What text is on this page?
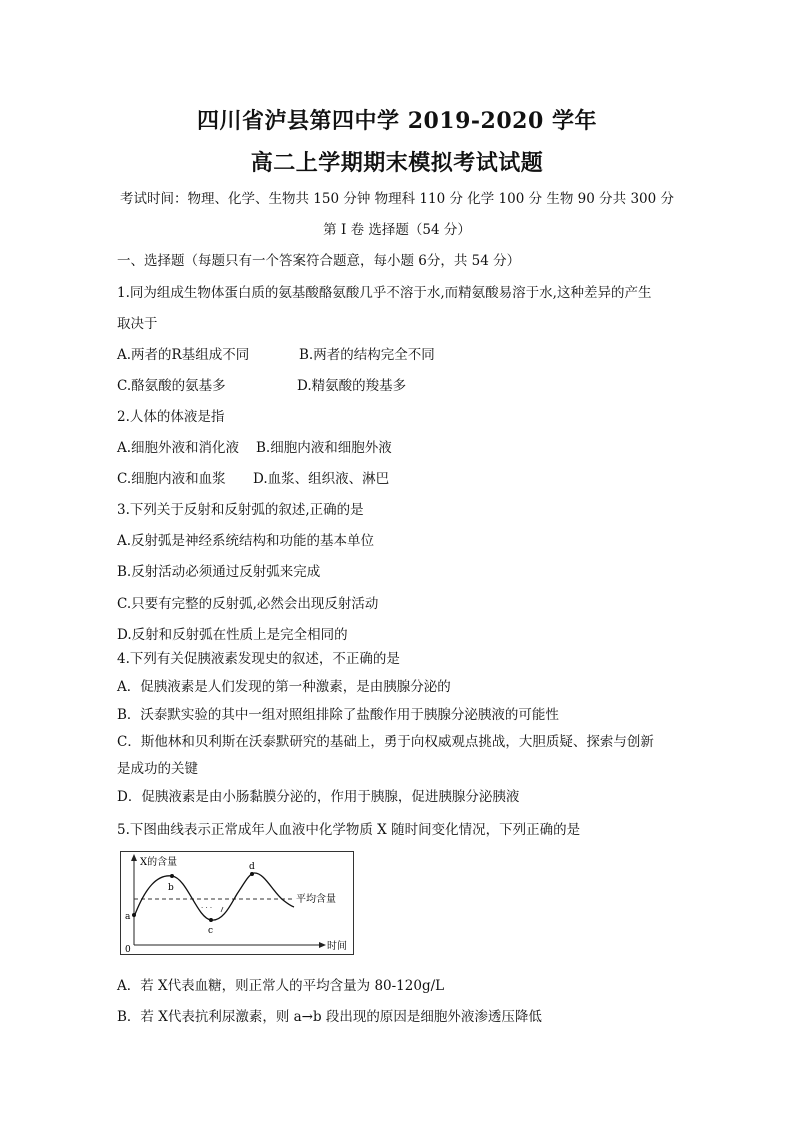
四川省泸县第四中学 2019-2020 学年
高二上学期期末模拟考试试题
考试时间：物理、化学、生物共 150 分钟 物理科 110 分 化学 100 分 生物 90 分共 300 分
第 I 卷 选择题（54 分）
一、选择题（每题只有一个答案符合题意，每小题 6分，共 54 分）
1.同为组成生物体蛋白质的氨基酸酪氨酸几乎不溶于水,而精氨酸易溶于水,这种差异的产生
取决于
A.两者的R基组成不同	B.两者的结构完全不同
C.酪氨酸的氨基多	D.精氨酸的羧基多
2.人体的体液是指
A.细胞外液和消化液 B.细胞内液和细胞外液
C.细胞内液和血浆 D.血浆、组织液、淋巴
3.下列关于反射和反射弧的叙述,正确的是
A.反射弧是神经系统结构和功能的基本单位
B.反射活动必须通过反射弧来完成
C.只要有完整的反射弧,必然会出现反射活动
D.反射和反射弧在性质上是完全相同的
4.下列有关促胰液素发现史的叙述，不正确的是
A．促胰液素是人们发现的第一种激素，是由胰腺分泌的
B．沃泰默实验的其中一组对照组排除了盐酸作用于胰腺分泌胰液的可能性
C．斯他林和贝利斯在沃泰默研究的基础上，勇于向权威观点挑战，大胆质疑、探索与创新
是成功的关键
D．促胰液素是由小肠黏膜分泌的，作用于胰腺，促进胰腺分泌胰液
5.下图曲线表示正常成年人血液中化学物质 X 随时间变化情况，下列正确的是
· · ·
X的含量
时间
0
平均含量
a
b
c
d
A．若 X代表血糖，则正常人的平均含量为 80-120g/L
B．若 X代表抗利尿激素，则 a→b 段出现的原因是细胞外液渗透压降低
